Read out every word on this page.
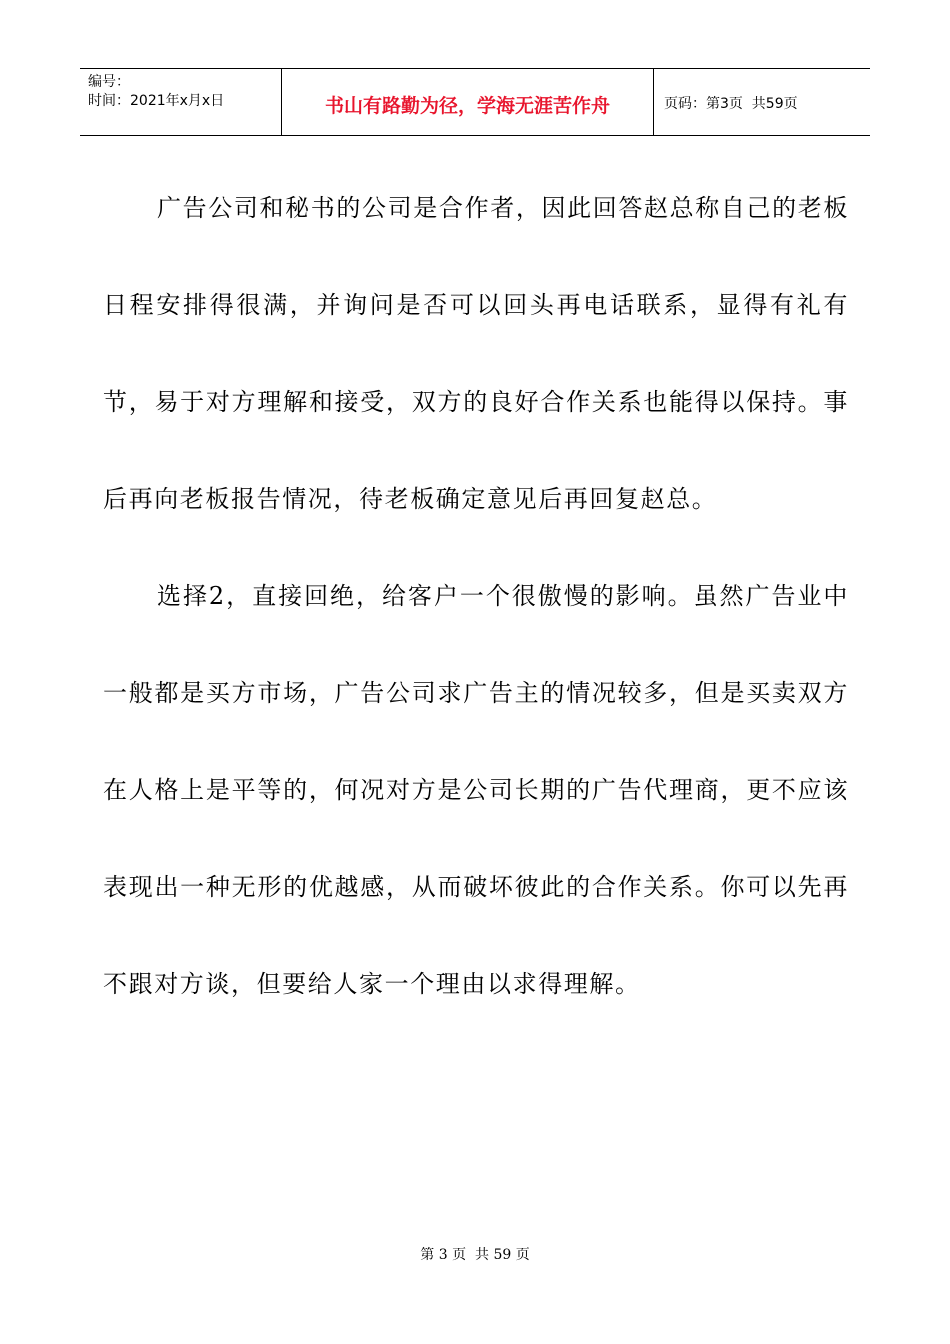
编号：
时间：2021年x月x日	书山有路勤为径，学海无涯苦作舟	页码：第3页  共59页

广告公司和秘书的公司是合作者，因此回答赵总称自己的老板日程安排得很满，并询问是否可以回头再电话联系，显得有礼有节，易于对方理解和接受，双方的良好合作关系也能得以保持。事后再向老板报告情况，待老板确定意见后再回复赵总。

选择2，直接回绝，给客户一个很傲慢的影响。虽然广告业中一般都是买方市场，广告公司求广告主的情况较多，但是买卖双方在人格上是平等的，何况对方是公司长期的广告代理商，更不应该表现出一种无形的优越感，从而破坏彼此的合作关系。你可以先再不跟对方谈，但要给人家一个理由以求得理解。

第 3 页  共 59 页
